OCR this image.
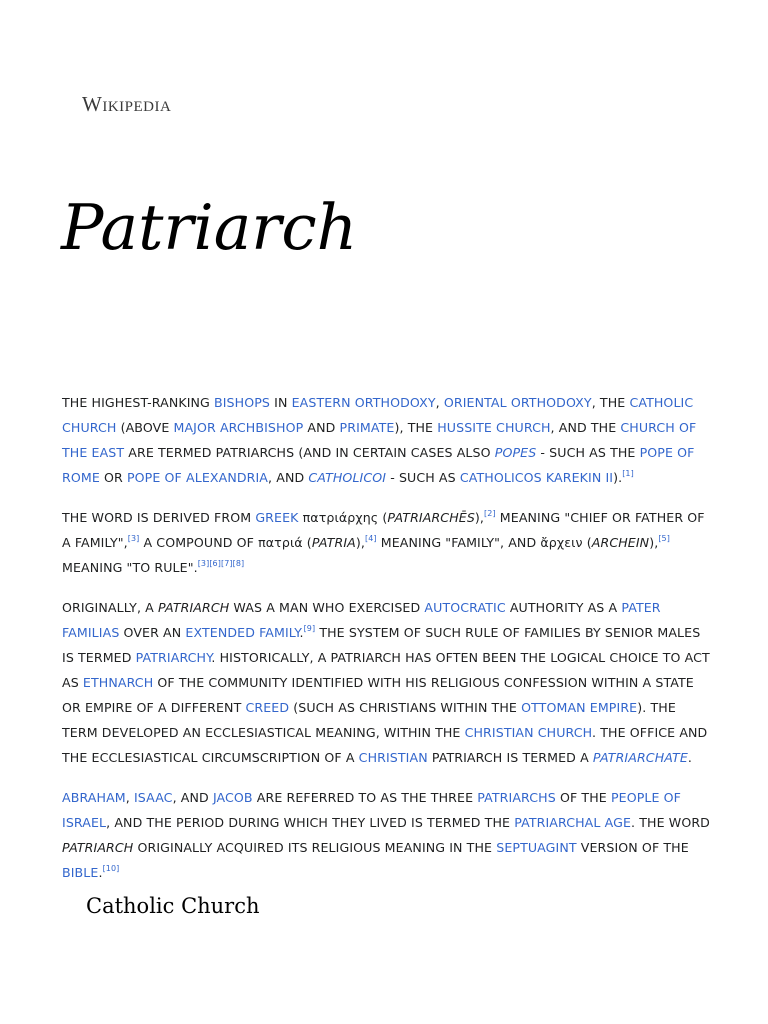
Wikipedia
Patriarch

THE HIGHEST-RANKING BISHOPS IN EASTERN ORTHODOXY, ORIENTAL ORTHODOXY, THE CATHOLIC CHURCH (ABOVE MAJOR ARCHBISHOP AND PRIMATE), THE HUSSITE CHURCH, AND THE CHURCH OF THE EAST ARE TERMED PATRIARCHS (AND IN CERTAIN CASES ALSO POPES - SUCH AS THE POPE OF ROME OR POPE OF ALEXANDRIA, AND CATHOLICOI - SUCH AS CATHOLICOS KAREKIN II).[1]

THE WORD IS DERIVED FROM GREEK πατριάρχης (PATRIARCHĒS),[2] MEANING "CHIEF OR FATHER OF A FAMILY",[3] A COMPOUND OF πατριά (PATRIA),[4] MEANING "FAMILY", AND ἄρχειν (ARCHEIN),[5] MEANING "TO RULE".[3][6][7][8]

ORIGINALLY, A PATRIARCH WAS A MAN WHO EXERCISED AUTOCRATIC AUTHORITY AS A PATER FAMILIAS OVER AN EXTENDED FAMILY.[9] THE SYSTEM OF SUCH RULE OF FAMILIES BY SENIOR MALES IS TERMED PATRIARCHY. HISTORICALLY, A PATRIARCH HAS OFTEN BEEN THE LOGICAL CHOICE TO ACT AS ETHNARCH OF THE COMMUNITY IDENTIFIED WITH HIS RELIGIOUS CONFESSION WITHIN A STATE OR EMPIRE OF A DIFFERENT CREED (SUCH AS CHRISTIANS WITHIN THE OTTOMAN EMPIRE). THE TERM DEVELOPED AN ECCLESIASTICAL MEANING, WITHIN THE CHRISTIAN CHURCH. THE OFFICE AND THE ECCLESIASTICAL CIRCUMSCRIPTION OF A CHRISTIAN PATRIARCH IS TERMED A PATRIARCHATE.

ABRAHAM, ISAAC, AND JACOB ARE REFERRED TO AS THE THREE PATRIARCHS OF THE PEOPLE OF ISRAEL, AND THE PERIOD DURING WHICH THEY LIVED IS TERMED THE PATRIARCHAL AGE. THE WORD PATRIARCH ORIGINALLY ACQUIRED ITS RELIGIOUS MEANING IN THE SEPTUAGINT VERSION OF THE BIBLE.[10]

Catholic Church
